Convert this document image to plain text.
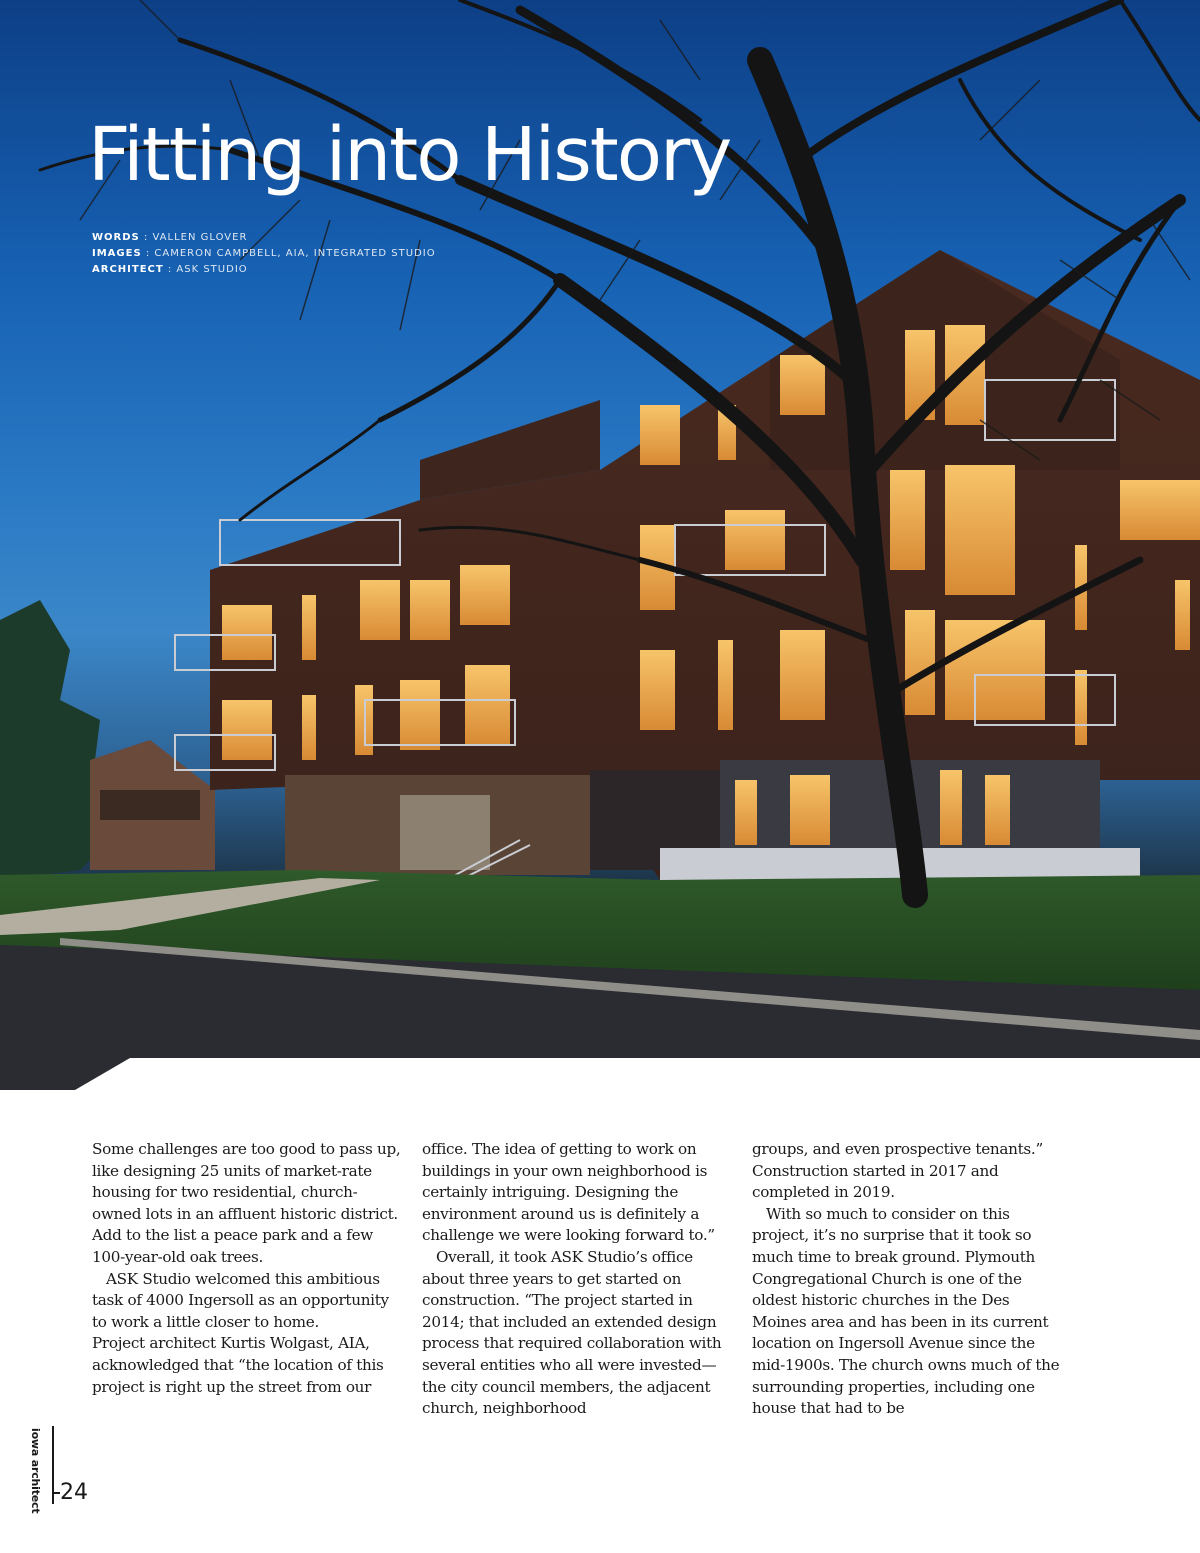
Fitting into History
WORDS : VALLEN GLOVER
IMAGES : CAMERON CAMPBELL, AIA, INTEGRATED STUDIO
ARCHITECT : ASK STUDIO

Some challenges are too good to pass up, like designing 25 units of market-rate housing for two residential, church-owned lots in an affluent historic district. Add to the list a peace park and a few 100-year-old oak trees.

ASK Studio welcomed this ambitious task of 4000 Ingersoll as an opportunity to work a little closer to home.

Project architect Kurtis Wolgast, AIA, acknowledged that “the location of this project is right up the street from our

office. The idea of getting to work on buildings in your own neighborhood is certainly intriguing. Designing the environment around us is definitely a challenge we were looking forward to.”

Overall, it took ASK Studio’s office about three years to get started on construction. “The project started in 2014; that included an extended design process that required collaboration with several entities who all were invested—the city council members, the adjacent church, neighborhood

groups, and even prospective tenants.” Construction started in 2017 and completed in 2019.

With so much to consider on this project, it’s no surprise that it took so much time to break ground. Plymouth Congregational Church is one of the oldest historic churches in the Des Moines area and has been in its current location on Ingersoll Avenue since the mid-1900s. The church owns much of the surrounding properties, including one house that had to be

iowa architect 24
